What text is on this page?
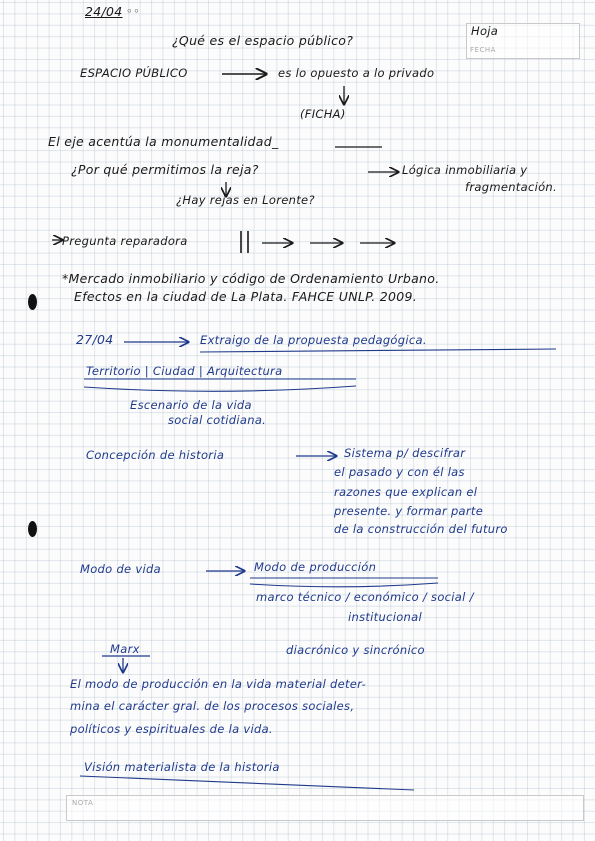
FECHA
Hoja
24/04 ◦◦
NOTA
¿Qué es el espacio público?
ESPACIO PÚBLICO	es lo opuesto a lo privado
(FICHA)
El eje acentúa la monumentalidad_
¿Por qué permitimos la reja?	Lógica inmobiliaria y
fragmentación.
¿Hay rejas en Lorente?
Pregunta reparadora
*Mercado inmobiliario y código de Ordenamiento Urbano.
Efectos en la ciudad de La Plata. FAHCE UNLP. 2009.
27/04	Extraigo de la propuesta pedagógica.
Territorio | Ciudad | Arquitectura
Escenario de la vida
social cotidiana.
Concepción de historia	Sistema p/ descifrar
el pasado y con él las
razones que explican el
presente. y formar parte
de la construcción del futuro
Modo de vida	Modo de producción
marco técnico / económico / social /
institucional
Marx	diacrónico y sincrónico
El modo de producción en la vida material deter-
mina el carácter gral. de los procesos sociales,
políticos y espirituales de la vida.
Visión materialista de la historia
